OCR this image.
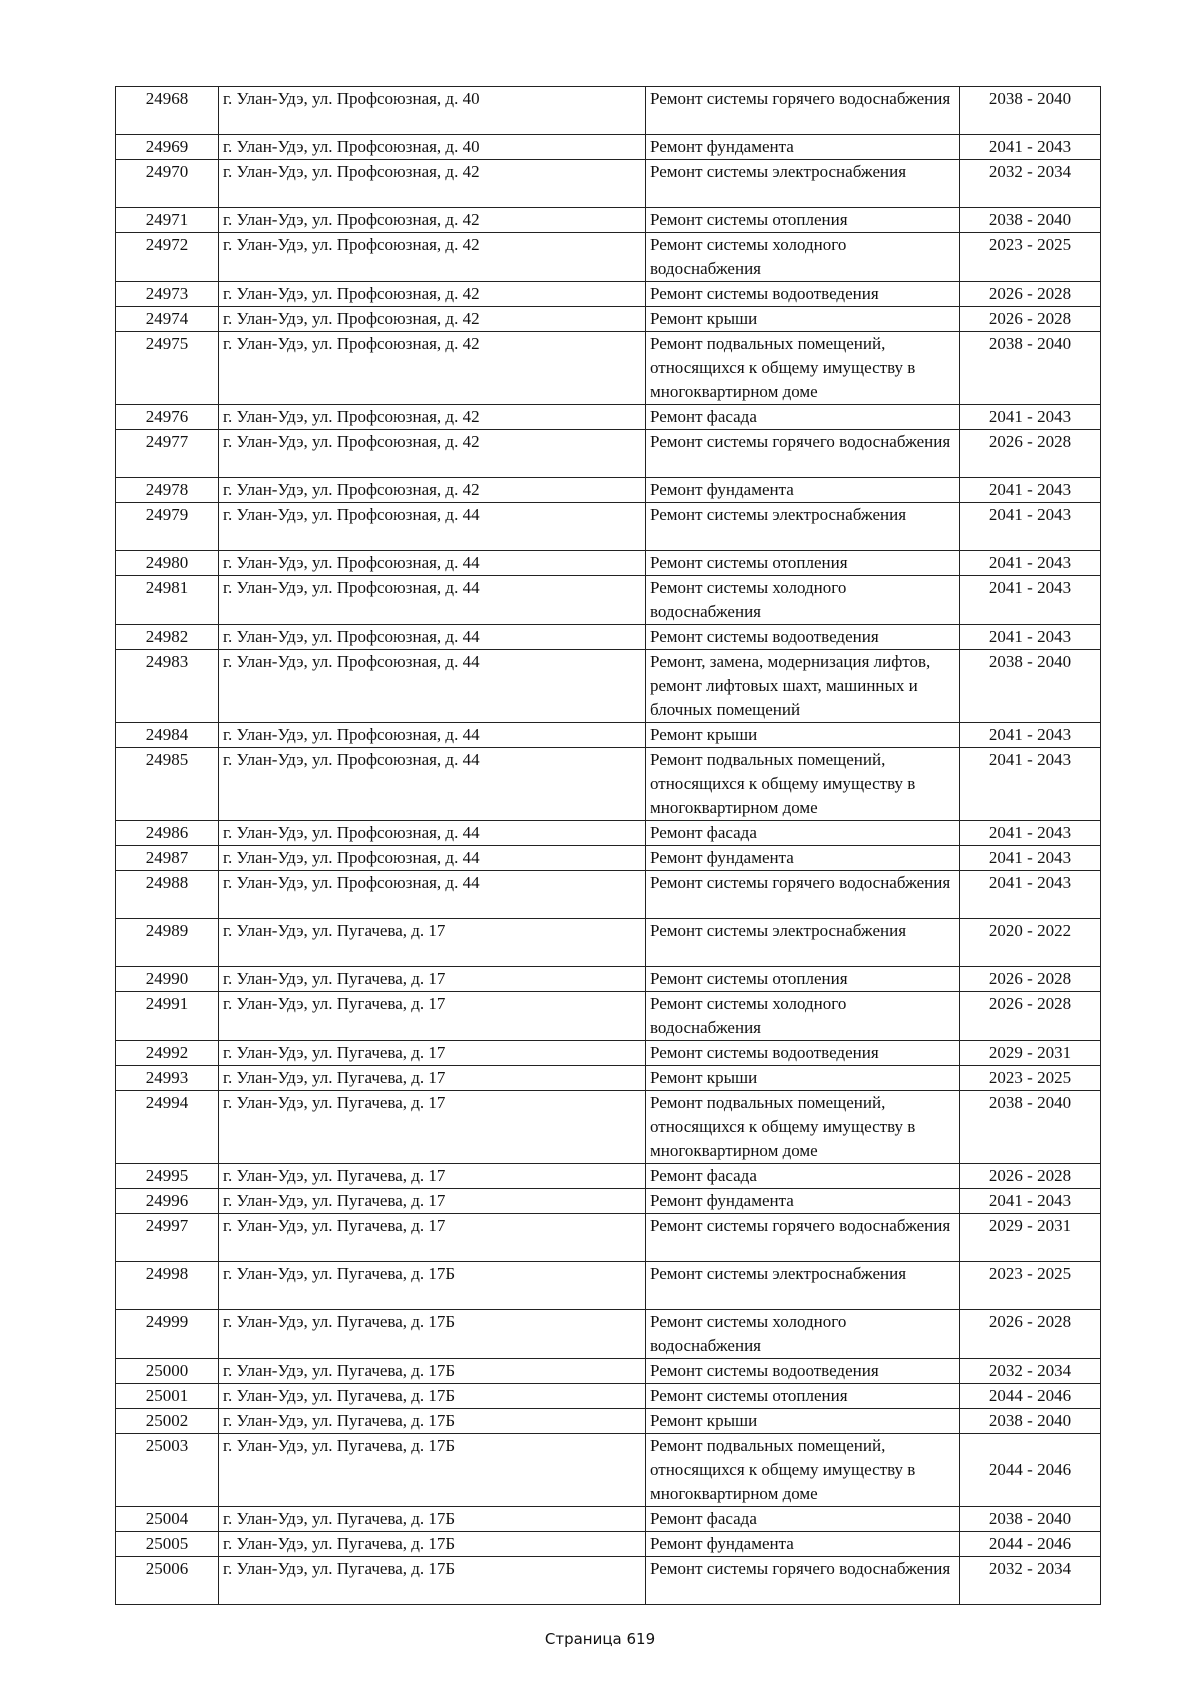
24968	г. Улан-Удэ, ул. Профсоюзная, д. 40	Ремонт системы горячего водоснабжения	2038 - 2040
24969	г. Улан-Удэ, ул. Профсоюзная, д. 40	Ремонт фундамента	2041 - 2043
24970	г. Улан-Удэ, ул. Профсоюзная, д. 42	Ремонт системы электроснабжения	2032 - 2034
24971	г. Улан-Удэ, ул. Профсоюзная, д. 42	Ремонт системы отопления	2038 - 2040
24972	г. Улан-Удэ, ул. Профсоюзная, д. 42	Ремонт системы холодного водоснабжения	2023 - 2025
24973	г. Улан-Удэ, ул. Профсоюзная, д. 42	Ремонт системы водоотведения	2026 - 2028
24974	г. Улан-Удэ, ул. Профсоюзная, д. 42	Ремонт крыши	2026 - 2028
24975	г. Улан-Удэ, ул. Профсоюзная, д. 42	Ремонт подвальных помещений, относящихся к общему имуществу в многоквартирном доме	2038 - 2040
24976	г. Улан-Удэ, ул. Профсоюзная, д. 42	Ремонт фасада	2041 - 2043
24977	г. Улан-Удэ, ул. Профсоюзная, д. 42	Ремонт системы горячего водоснабжения	2026 - 2028
24978	г. Улан-Удэ, ул. Профсоюзная, д. 42	Ремонт фундамента	2041 - 2043
24979	г. Улан-Удэ, ул. Профсоюзная, д. 44	Ремонт системы электроснабжения	2041 - 2043
24980	г. Улан-Удэ, ул. Профсоюзная, д. 44	Ремонт системы отопления	2041 - 2043
24981	г. Улан-Удэ, ул. Профсоюзная, д. 44	Ремонт системы холодного водоснабжения	2041 - 2043
24982	г. Улан-Удэ, ул. Профсоюзная, д. 44	Ремонт системы водоотведения	2041 - 2043
24983	г. Улан-Удэ, ул. Профсоюзная, д. 44	Ремонт, замена, модернизация лифтов, ремонт лифтовых шахт, машинных и блочных помещений	2038 - 2040
24984	г. Улан-Удэ, ул. Профсоюзная, д. 44	Ремонт крыши	2041 - 2043
24985	г. Улан-Удэ, ул. Профсоюзная, д. 44	Ремонт подвальных помещений, относящихся к общему имуществу в многоквартирном доме	2041 - 2043
24986	г. Улан-Удэ, ул. Профсоюзная, д. 44	Ремонт фасада	2041 - 2043
24987	г. Улан-Удэ, ул. Профсоюзная, д. 44	Ремонт фундамента	2041 - 2043
24988	г. Улан-Удэ, ул. Профсоюзная, д. 44	Ремонт системы горячего водоснабжения	2041 - 2043
24989	г. Улан-Удэ, ул. Пугачева, д. 17	Ремонт системы электроснабжения	2020 - 2022
24990	г. Улан-Удэ, ул. Пугачева, д. 17	Ремонт системы отопления	2026 - 2028
24991	г. Улан-Удэ, ул. Пугачева, д. 17	Ремонт системы холодного водоснабжения	2026 - 2028
24992	г. Улан-Удэ, ул. Пугачева, д. 17	Ремонт системы водоотведения	2029 - 2031
24993	г. Улан-Удэ, ул. Пугачева, д. 17	Ремонт крыши	2023 - 2025
24994	г. Улан-Удэ, ул. Пугачева, д. 17	Ремонт подвальных помещений, относящихся к общему имуществу в многоквартирном доме	2038 - 2040
24995	г. Улан-Удэ, ул. Пугачева, д. 17	Ремонт фасада	2026 - 2028
24996	г. Улан-Удэ, ул. Пугачева, д. 17	Ремонт фундамента	2041 - 2043
24997	г. Улан-Удэ, ул. Пугачева, д. 17	Ремонт системы горячего водоснабжения	2029 - 2031
24998	г. Улан-Удэ, ул. Пугачева, д. 17Б	Ремонт системы электроснабжения	2023 - 2025
24999	г. Улан-Удэ, ул. Пугачева, д. 17Б	Ремонт системы холодного водоснабжения	2026 - 2028
25000	г. Улан-Удэ, ул. Пугачева, д. 17Б	Ремонт системы водоотведения	2032 - 2034
25001	г. Улан-Удэ, ул. Пугачева, д. 17Б	Ремонт системы отопления	2044 - 2046
25002	г. Улан-Удэ, ул. Пугачева, д. 17Б	Ремонт крыши	2038 - 2040
25003	г. Улан-Удэ, ул. Пугачева, д. 17Б	Ремонт подвальных помещений, относящихся к общему имуществу в многоквартирном доме	2044 - 2046
25004	г. Улан-Удэ, ул. Пугачева, д. 17Б	Ремонт фасада	2038 - 2040
25005	г. Улан-Удэ, ул. Пугачева, д. 17Б	Ремонт фундамента	2044 - 2046
25006	г. Улан-Удэ, ул. Пугачева, д. 17Б	Ремонт системы горячего водоснабжения	2032 - 2034
Страница 619
